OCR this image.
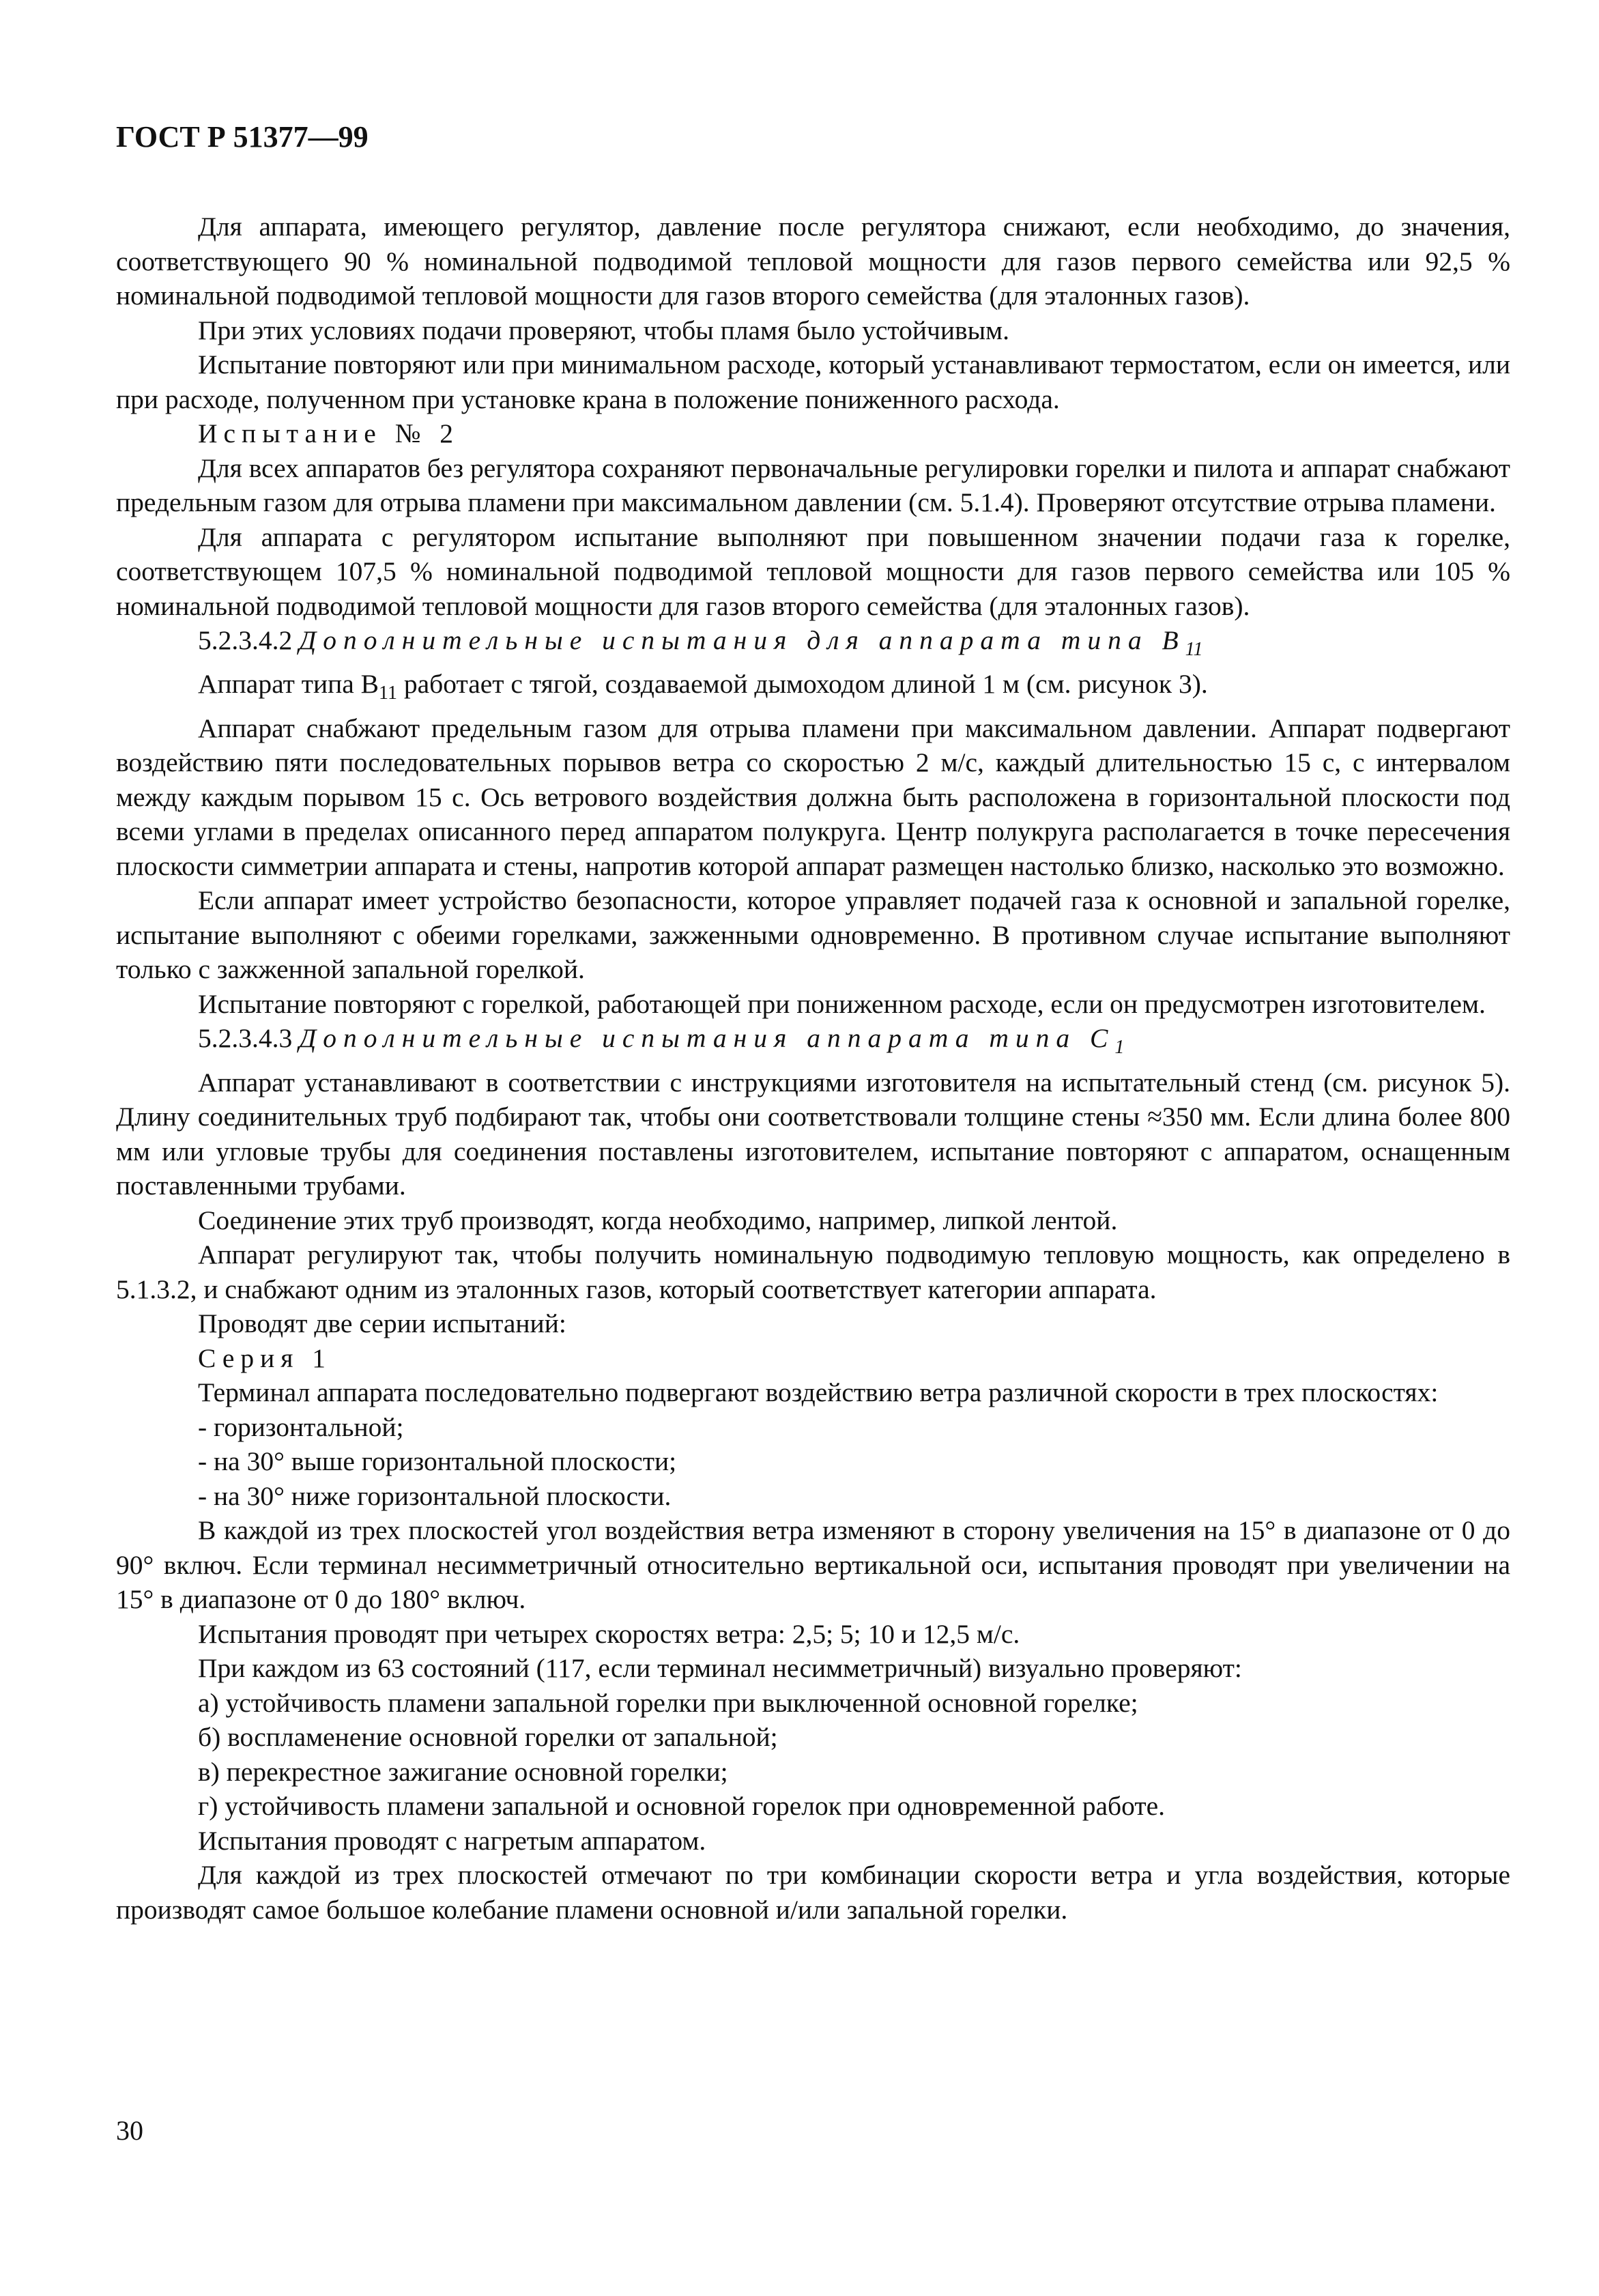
ГОСТ Р 51377—99

Для аппарата, имеющего регулятор, давление после регулятора снижают, если необходимо, до значения, соответствующего 90 % номинальной подводимой тепловой мощности для газов первого семейства или 92,5 % номинальной подводимой тепловой мощности для газов второго семейства (для эталонных газов).

При этих условиях подачи проверяют, чтобы пламя было устойчивым.

Испытание повторяют или при минимальном расходе, который устанавливают термостатом, если он имеется, или при расходе, полученном при установке крана в положение пониженного расхода.

Испытание № 2

Для всех аппаратов без регулятора сохраняют первоначальные регулировки горелки и пилота и аппарат снабжают предельным газом для отрыва пламени при максимальном давлении (см. 5.1.4). Проверяют отсутствие отрыва пламени.

Для аппарата с регулятором испытание выполняют при повышенном значении подачи газа к горелке, соответствующем 107,5 % номинальной подводимой тепловой мощности для газов первого семейства или 105 % номинальной подводимой тепловой мощности для газов второго семейства (для эталонных газов).

5.2.3.4.2 Дополнительные испытания для аппарата типа $B_{11}$

Аппарат типа $B_{11}$ работает с тягой, создаваемой дымоходом длиной 1 м (см. рисунок 3).

Аппарат снабжают предельным газом для отрыва пламени при максимальном давлении. Аппарат подвергают воздействию пяти последовательных порывов ветра со скоростью 2 м/с, каждый длительностью 15 с, с интервалом между каждым порывом 15 с. Ось ветрового воздействия должна быть расположена в горизонтальной плоскости под всеми углами в пределах описанного перед аппаратом полукруга. Центр полукруга располагается в точке пересечения плоскости симметрии аппарата и стены, напротив которой аппарат размещен настолько близко, насколько это возможно.

Если аппарат имеет устройство безопасности, которое управляет подачей газа к основной и запальной горелке, испытание выполняют с обеими горелками, зажженными одновременно. В противном случае испытание выполняют только с зажженной запальной горелкой.

Испытание повторяют с горелкой, работающей при пониженном расходе, если он предусмотрен изготовителем.

5.2.3.4.3 Дополнительные испытания аппарата типа $C_1$

Аппарат устанавливают в соответствии с инструкциями изготовителя на испытательный стенд (см. рисунок 5). Длину соединительных труб подбирают так, чтобы они соответствовали толщине стены ≈350 мм. Если длина более 800 мм или угловые трубы для соединения поставлены изготовителем, испытание повторяют с аппаратом, оснащенным поставленными трубами.

Соединение этих труб производят, когда необходимо, например, липкой лентой.

Аппарат регулируют так, чтобы получить номинальную подводимую тепловую мощность, как определено в 5.1.3.2, и снабжают одним из эталонных газов, который соответствует категории аппарата.

Проводят две серии испытаний:

Серия 1

Терминал аппарата последовательно подвергают воздействию ветра различной скорости в трех плоскостях:

- горизонтальной;

- на 30° выше горизонтальной плоскости;

- на 30° ниже горизонтальной плоскости.

В каждой из трех плоскостей угол воздействия ветра изменяют в сторону увеличения на 15° в диапазоне от 0 до 90° включ. Если терминал несимметричный относительно вертикальной оси, испытания проводят при увеличении на 15° в диапазоне от 0 до 180° включ.

Испытания проводят при четырех скоростях ветра: 2,5; 5; 10 и 12,5 м/с.

При каждом из 63 состояний (117, если терминал несимметричный) визуально проверяют:

а) устойчивость пламени запальной горелки при выключенной основной горелке;

б) воспламенение основной горелки от запальной;

в) перекрестное зажигание основной горелки;

г) устойчивость пламени запальной и основной горелок при одновременной работе.

Испытания проводят с нагретым аппаратом.

Для каждой из трех плоскостей отмечают по три комбинации скорости ветра и угла воздействия, которые производят самое большое колебание пламени основной и/или запальной горелки.

30
